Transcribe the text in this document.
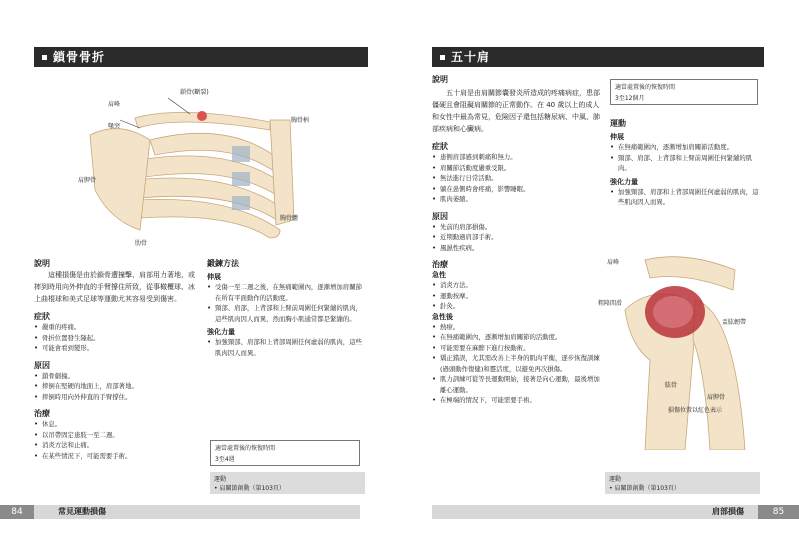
鎖骨骨折
鎖骨(斷裂)
肩峰
喙突
胸骨柄
肩胛骨
胸骨體
肋骨
說明

這種損傷是由於鎖骨遭撞擊、肩部用力著地，或摔到時用向外伸直的手臂撐住所致，從事橄欖球、冰上曲棍球和美式足球等運動尤其容易受到傷害。

症狀
• 嚴重的疼痛。
• 骨折位置發生隆起。
• 可能會看到變形。
原因
• 鎖骨劇撞。
• 摔倒在堅硬的地面上，肩部著地。
• 摔倒時用向外伸直的手臂撐住。
治療
• 休息。
• 以吊帶固定患肢一至二週。
• 消炎方法和止痛。
• 在某些情況下，可能需要手術。
鍛鍊方法
伸展
• 受傷一至二週之後，在無痛範圍內，逐漸增加肩關節在所有平面動作的活動度。
• 頸部、肩部，上背部和上臂前周圍任何緊繃的肌肉，這些肌肉因人而異，然而胸小肌通常都是緊繃的。
強化力量
• 加強頸部、肩部和上背部周圍任何虛弱的肌肉，這些肌肉因人而異。
適當處置後的恢復時間
3至4週
運動
• 肩關節創動（第103頁）
84	常見運動損傷
五十肩
說明

五十肩是由肩關節囊發炎所造成的疼痛病症，患部僵硬且會阻礙肩關節的正常動作。在 40 歲以上的成人和女性中最為常見，危險因子還包括糖尿病、中風、肺部疾病和心臟病。

症狀
• 患側肩部感到刺痛和無力。
• 肩關節活動度嚴重受限。
• 無法進行日常活動。
• 躺在患側時會疼痛，影響睡眠。
• 肌肉萎縮。
原因
• 先前的肩部損傷。
• 近期動過肩部手術。
• 風濕性疾病。
治療
急性
• 消炎方法。
• 運動按摩。
• 針灸。
急性後
• 熱療。
• 在無痛範圍內，逐漸增加肩關節的活動度。
• 可能需要在麻醉下進行按動術。
• 矯正錯誤，尤其需改善上半身的肌肉平衡，逐步恢復訓練(過頭動作復健)和靈活度，以避免再次損傷。
• 肌力訓練可從等長運動開始，接著是向心運動，最後增加離心運動。
• 在極端的情況下，可能需要手術。
適當處置後的恢復時間
3至12個月
運動
伸展
• 在無痛範圍內，逐漸增加肩關節活動度。
• 頸部、肩部、上背部和上臂前周圍任何緊繃的肌肉。
強化力量
• 加強頸部、肩部和上背部周圍任何虛弱的肌肉，這些肌肉因人而異。
肩峰
粗隆間滑
盂肱韌帶
肱骨
肩胛骨
損傷位置以紅色表示
運動
• 肩關節創動（第103頁）
肩部損傷	85
